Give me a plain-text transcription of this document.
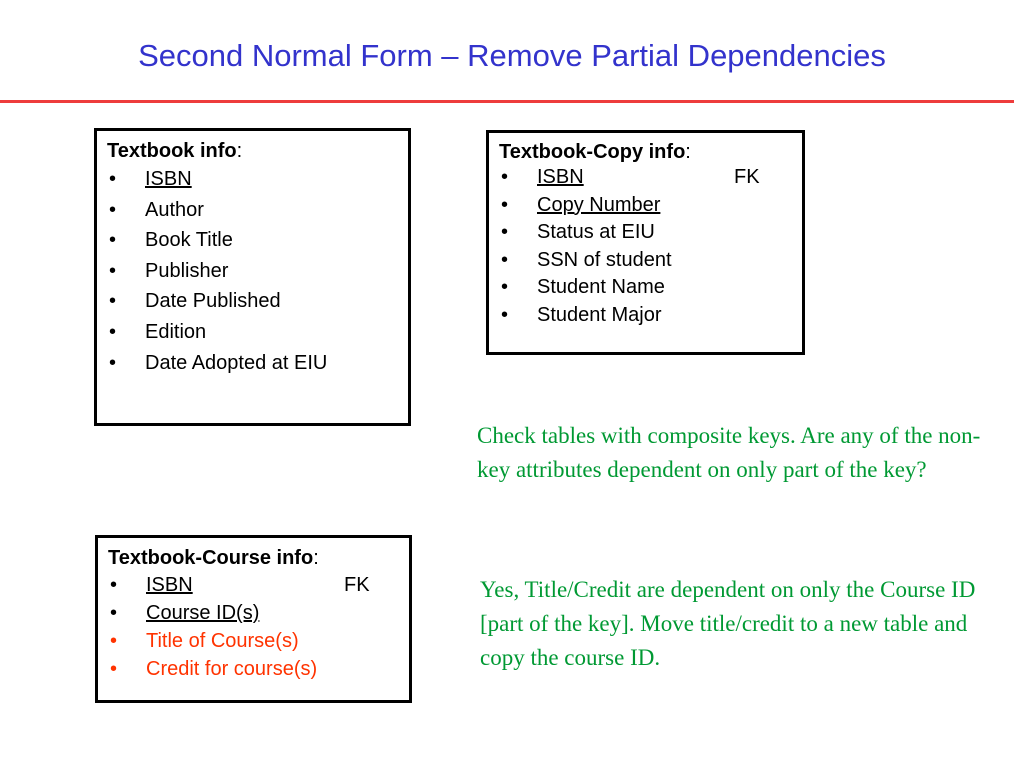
Second Normal Form – Remove Partial Dependencies
Textbook info:
• ISBN
• Author
• Book Title
• Publisher
• Date Published
• Edition
• Date Adopted at EIU
Textbook-Copy info:
• ISBN	FK
• Copy Number
• Status at EIU
• SSN of student
• Student Name
• Student Major
Check tables with composite keys. Are any of the non-key attributes dependent on only part of the key?
Textbook-Course info:
• ISBN	FK
• Course ID(s)
• Title of Course(s)
• Credit for course(s)
Yes, Title/Credit are dependent on only the Course ID [part of the key]. Move title/credit to a new table and copy the course ID.
